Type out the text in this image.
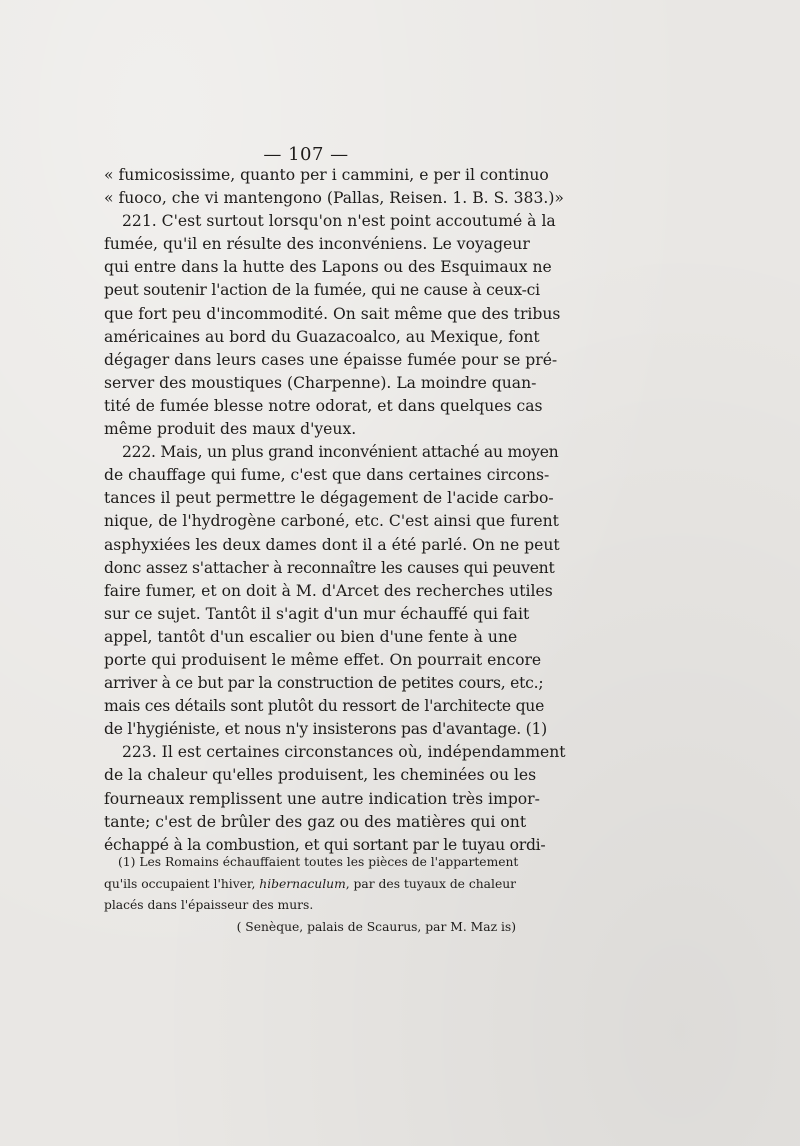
— 107 —
« fumicosissime, quanto per i cammini, e per il continuo
« fuoco, che vi mantengono (Pallas, Reisen. 1. B. S. 383.)»
221. C'est surtout lorsqu'on n'est point accoutumé à la
fumée, qu'il en résulte des inconvéniens. Le voyageur
qui entre dans la hutte des Lapons ou des Esquimaux ne
peut soutenir l'action de la fumée, qui ne cause à ceux-ci
que fort peu d'incommodité. On sait même que des tribus
américaines au bord du Guazacoalco, au Mexique, font
dégager dans leurs cases une épaisse fumée pour se pré-
server des moustiques (Charpenne). La moindre quan-
tité de fumée blesse notre odorat, et dans quelques cas
même produit des maux d'yeux.
222. Mais, un plus grand inconvénient attaché au moyen
de chauffage qui fume, c'est que dans certaines circons-
tances il peut permettre le dégagement de l'acide carbo-
nique, de l'hydrogène carboné, etc. C'est ainsi que furent
asphyxiées les deux dames dont il a été parlé. On ne peut
donc assez s'attacher à reconnaître les causes qui peuvent
faire fumer, et on doit à M. d'Arcet des recherches utiles
sur ce sujet. Tantôt il s'agit d'un mur échauffé qui fait
appel, tantôt d'un escalier ou bien d'une fente à une
porte qui produisent le même effet. On pourrait encore
arriver à ce but par la construction de petites cours, etc.;
mais ces détails sont plutôt du ressort de l'architecte que
de l'hygiéniste, et nous n'y insisterons pas d'avantage. (1)
223. Il est certaines circonstances où, indépendamment
de la chaleur qu'elles produisent, les cheminées ou les
fourneaux remplissent une autre indication très impor-
tante; c'est de brûler des gaz ou des matières qui ont
échappé à la combustion, et qui sortant par le tuyau ordi-
(1) Les Romains échauffaient toutes les pièces de l'appartement
qu'ils occupaient l'hiver, hibernaculum, par des tuyaux de chaleur
placés dans l'épaisseur des murs.
( Senèque, palais de Scaurus, par M. Maz is)
